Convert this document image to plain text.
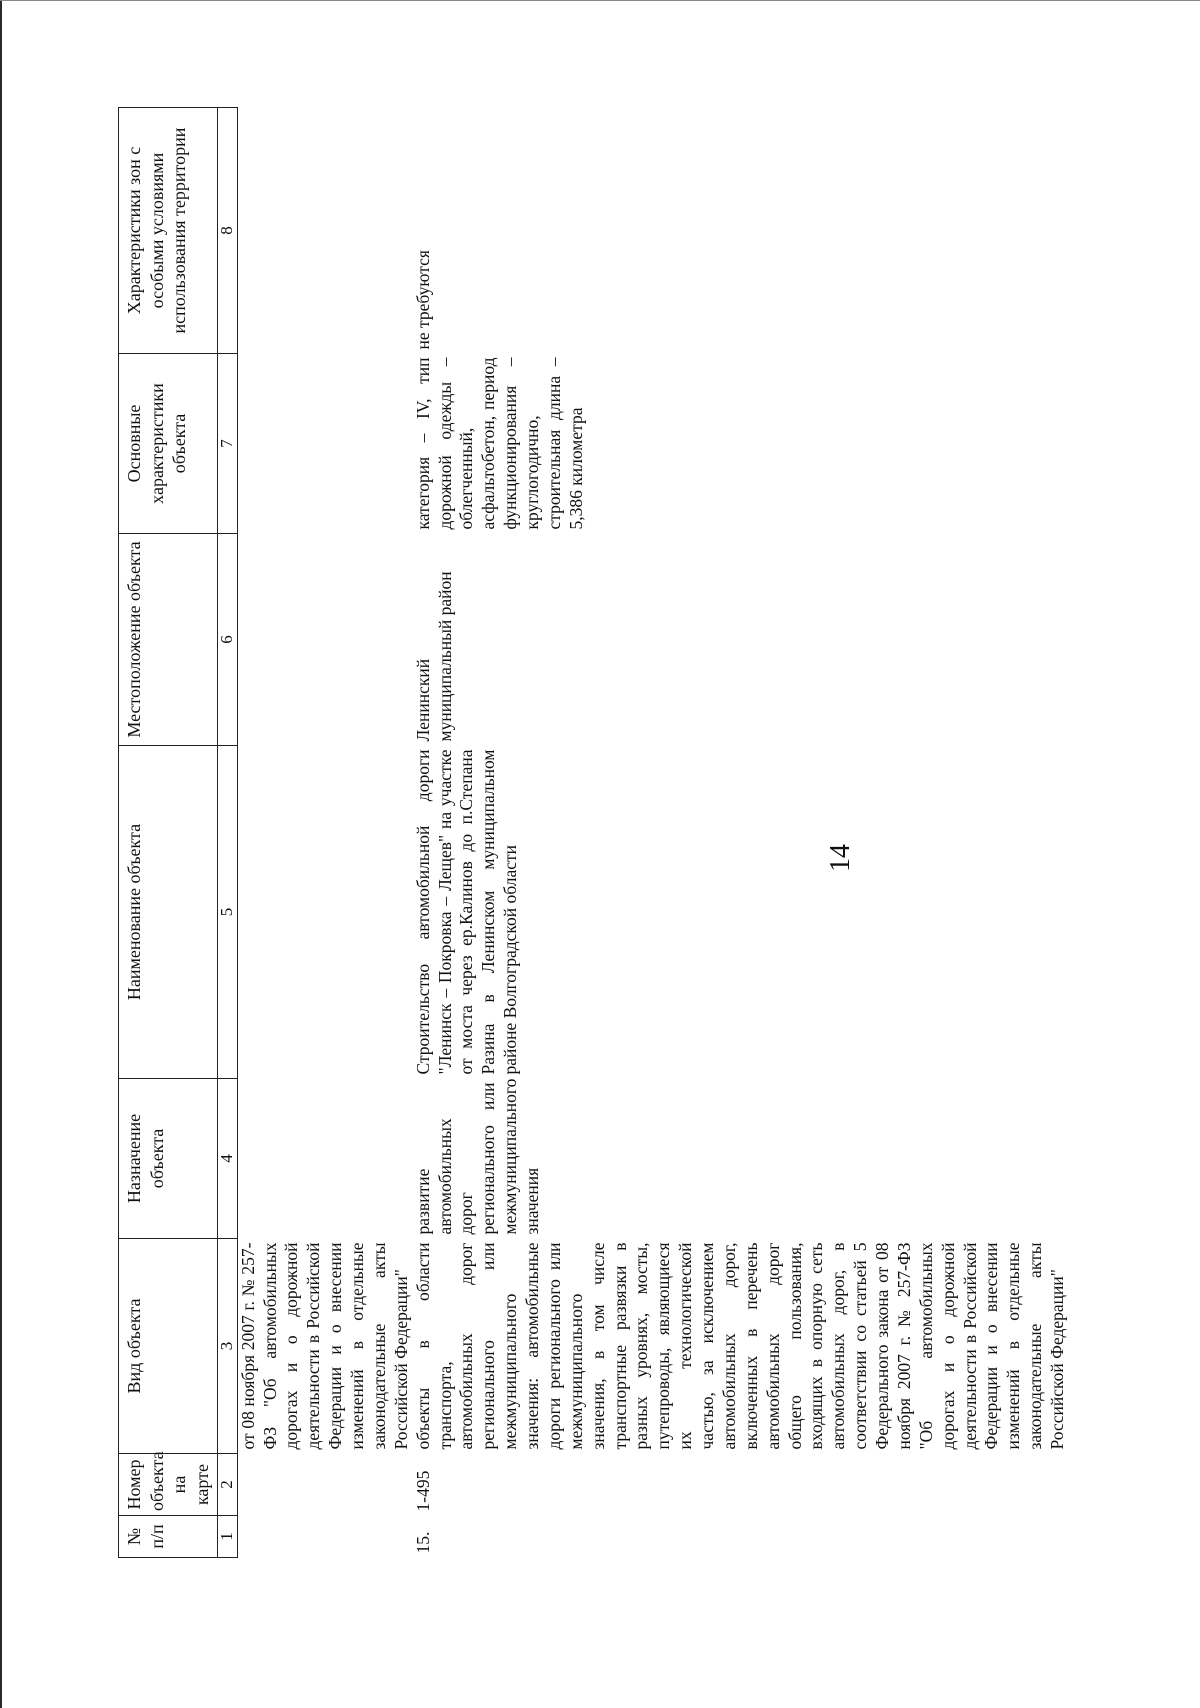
14
№ п/п	Номер объекта на карте	Вид объекта	Назначение объекта	Наименование объекта	Местоположение объекта	Основные характеристики объекта	Характеристики зон с особыми условиями использования территории
1	2	3	4	5	6	7	8
		от 08 ноября 2007 г. № 257-ФЗ "Об автомобильных дорогах и о дорожной деятельности в Российской Федерации и о внесении изменений в отдельные законодательные акты Российской Федерации"					
15.	1-495	объекты в области транспорта, автомобильных дорог регионального или межмуниципального значения: автомобильные дороги регионального или межмуниципального значения, в том числе транспортные развязки в разных уровнях, мосты, путепроводы, являющиеся их технологической частью, за исключением автомобильных дорог, включенных в перечень автомобильных дорог общего пользования, входящих в опорную сеть автомобильных дорог, в соответствии со статьей 5 Федерального закона от 08 ноября 2007 г. № 257-ФЗ "Об автомобильных дорогах и о дорожной деятельности в Российской Федерации и о внесении изменений в отдельные законодательные акты Российской Федерации"	развитие автомобильных дорог регионального или межмуниципального значения	Строительство автомобильной дороги "Ленинск – Покровка – Лещев" на участке от моста через ер.Калинов до п.Степана Разина в Ленинском муниципальном районе Волгоградской области	Ленинский муниципальный район	категория – IV, тип дорожной одежды – облегченный, асфальтобетон, период функционирования – круглогодично, строительная длина – 5,386 километра	не требуются
